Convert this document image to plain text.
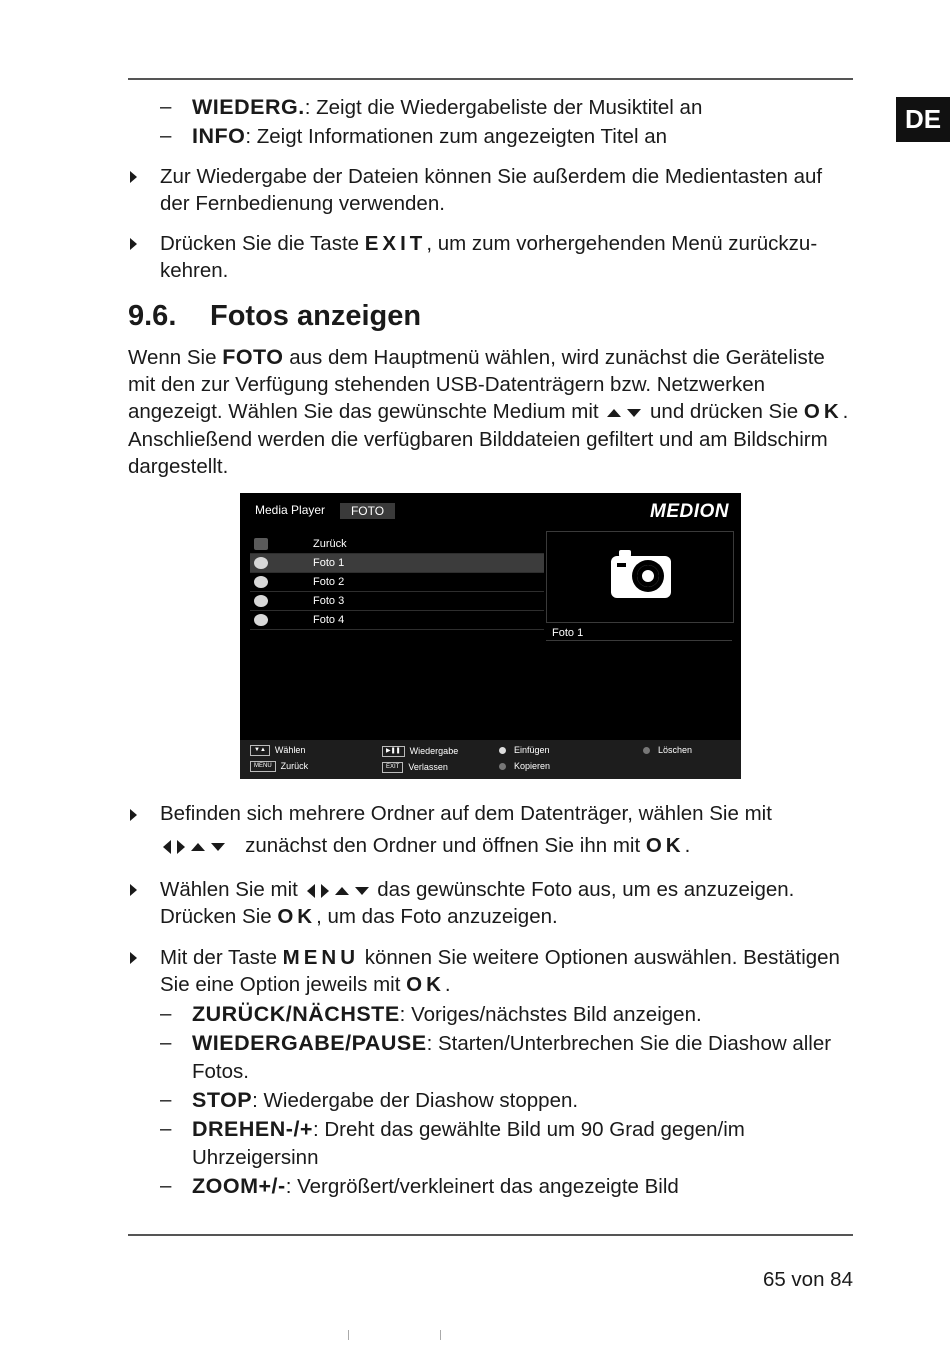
DE
– WIEDERG.: Zeigt die Wiedergabeliste der Musiktitel an
– INFO: Zeigt Informationen zum angezeigten Titel an
Zur Wiedergabe der Dateien können Sie außerdem die Medientasten auf der Fernbedienung verwenden.
Drücken Sie die Taste EXIT, um zum vorhergehenden Menü zurückzu- kehren.
9.6. Fotos anzeigen
Wenn Sie FOTO aus dem Hauptmenü wählen, wird zunächst die Geräteliste mit den zur Verfügung stehenden USB-Datenträgern bzw. Netzwerken angezeigt. Wählen Sie das gewünschte Medium mit	und drücken Sie OK. Anschließend werden die verfügbaren Bilddateien gefiltert und am Bildschirm dargestellt.
Media Player	FOTO	MEDION
Zurück
Foto 1
Foto 2
Foto 3
Foto 4
Foto 1
▼▲ Wählen
MENU Zurück
▶❚❚ Wiedergabe
EXIT Verlassen
Einfügen
Kopieren
Löschen
Befinden sich mehrere Ordner auf dem Datenträger, wählen Sie mit
zunächst den Ordner und öffnen Sie ihn mit OK.
Wählen Sie mit	das gewünschte Foto aus, um es anzuzeigen.
Drücken Sie OK, um das Foto anzuzeigen.
Mit der Taste MENU können Sie weitere Optionen auswählen. Bestätigen Sie eine Option jeweils mit OK.
– ZURÜCK/NÄCHSTE: Voriges/nächstes Bild anzeigen.
– WIEDERGABE/PAUSE: Starten/Unterbrechen Sie die Diashow aller Fotos.
– STOP: Wiedergabe der Diashow stoppen.
– DREHEN-/+: Dreht das gewählte Bild um 90 Grad gegen/im Uhrzeigersinn
– ZOOM+/-: Vergrößert/verkleinert das angezeigte Bild
65 von 84
